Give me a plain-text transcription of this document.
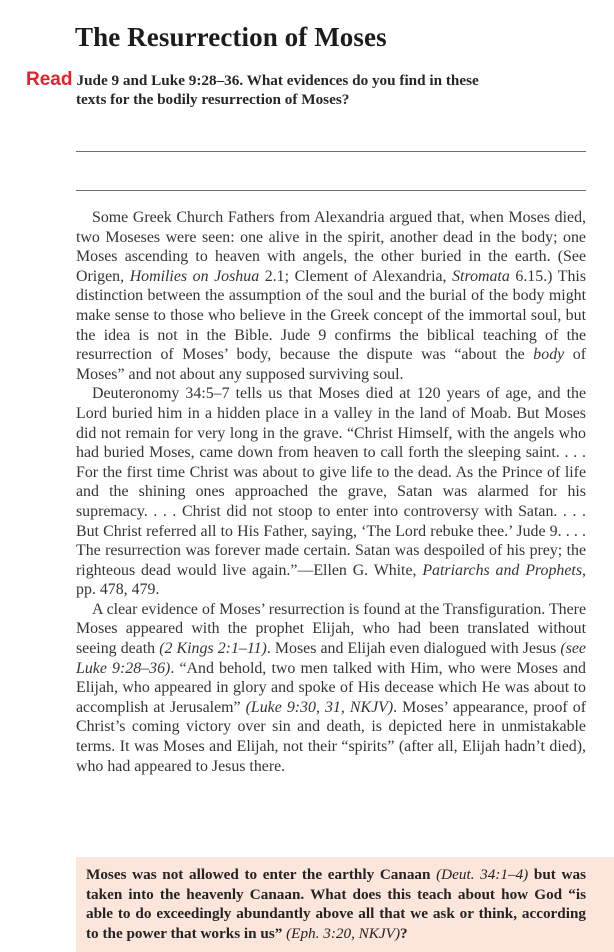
The Resurrection of Moses
Read Jude 9 and Luke 9:28–36. What evidences do you find in these
texts for the bodily resurrection of Moses?

Some Greek Church Fathers from Alexandria argued that, when Moses died, two Moseses were seen: one alive in the spirit, another dead in the body; one Moses ascending to heaven with angels, the other buried in the earth. (See Origen, Homilies on Joshua 2.1; Clement of Alexandria, Stromata 6.15.) This distinction between the assumption of the soul and the burial of the body might make sense to those who believe in the Greek concept of the immortal soul, but the idea is not in the Bible. Jude 9 confirms the biblical teaching of the resurrection of Moses’ body, because the dispute was “about the body of Moses” and not about any supposed surviving soul.

Deuteronomy 34:5–7 tells us that Moses died at 120 years of age, and the Lord buried him in a hidden place in a valley in the land of Moab. But Moses did not remain for very long in the grave. “Christ Himself, with the angels who had buried Moses, came down from heaven to call forth the sleeping saint. . . . For the first time Christ was about to give life to the dead. As the Prince of life and the shining ones approached the grave, Satan was alarmed for his supremacy. . . . Christ did not stoop to enter into controversy with Satan. . . . But Christ referred all to His Father, saying, ‘The Lord rebuke thee.’ Jude 9. . . . The resurrection was forever made certain. Satan was despoiled of his prey; the righteous dead would live again.”—Ellen G. White, Patriarchs and Prophets, pp. 478, 479.

A clear evidence of Moses’ resurrection is found at the Transfiguration. There Moses appeared with the prophet Elijah, who had been translated without seeing death (2 Kings 2:1–11). Moses and Elijah even dialogued with Jesus (see Luke 9:28–36). “And behold, two men talked with Him, who were Moses and Elijah, who appeared in glory and spoke of His decease which He was about to accomplish at Jerusalem” (Luke 9:30, 31, NKJV). Moses’ appearance, proof of Christ’s coming victory over sin and death, is depicted here in unmistakable terms. It was Moses and Elijah, not their “spirits” (after all, Elijah hadn’t died), who had appeared to Jesus there.

Moses was not allowed to enter the earthly Canaan (Deut. 34:1–4) but was taken into the heavenly Canaan. What does this teach about how God “is able to do exceedingly abundantly above all that we ask or think, according to the power that works in us” (Eph. 3:20, NKJV)?
